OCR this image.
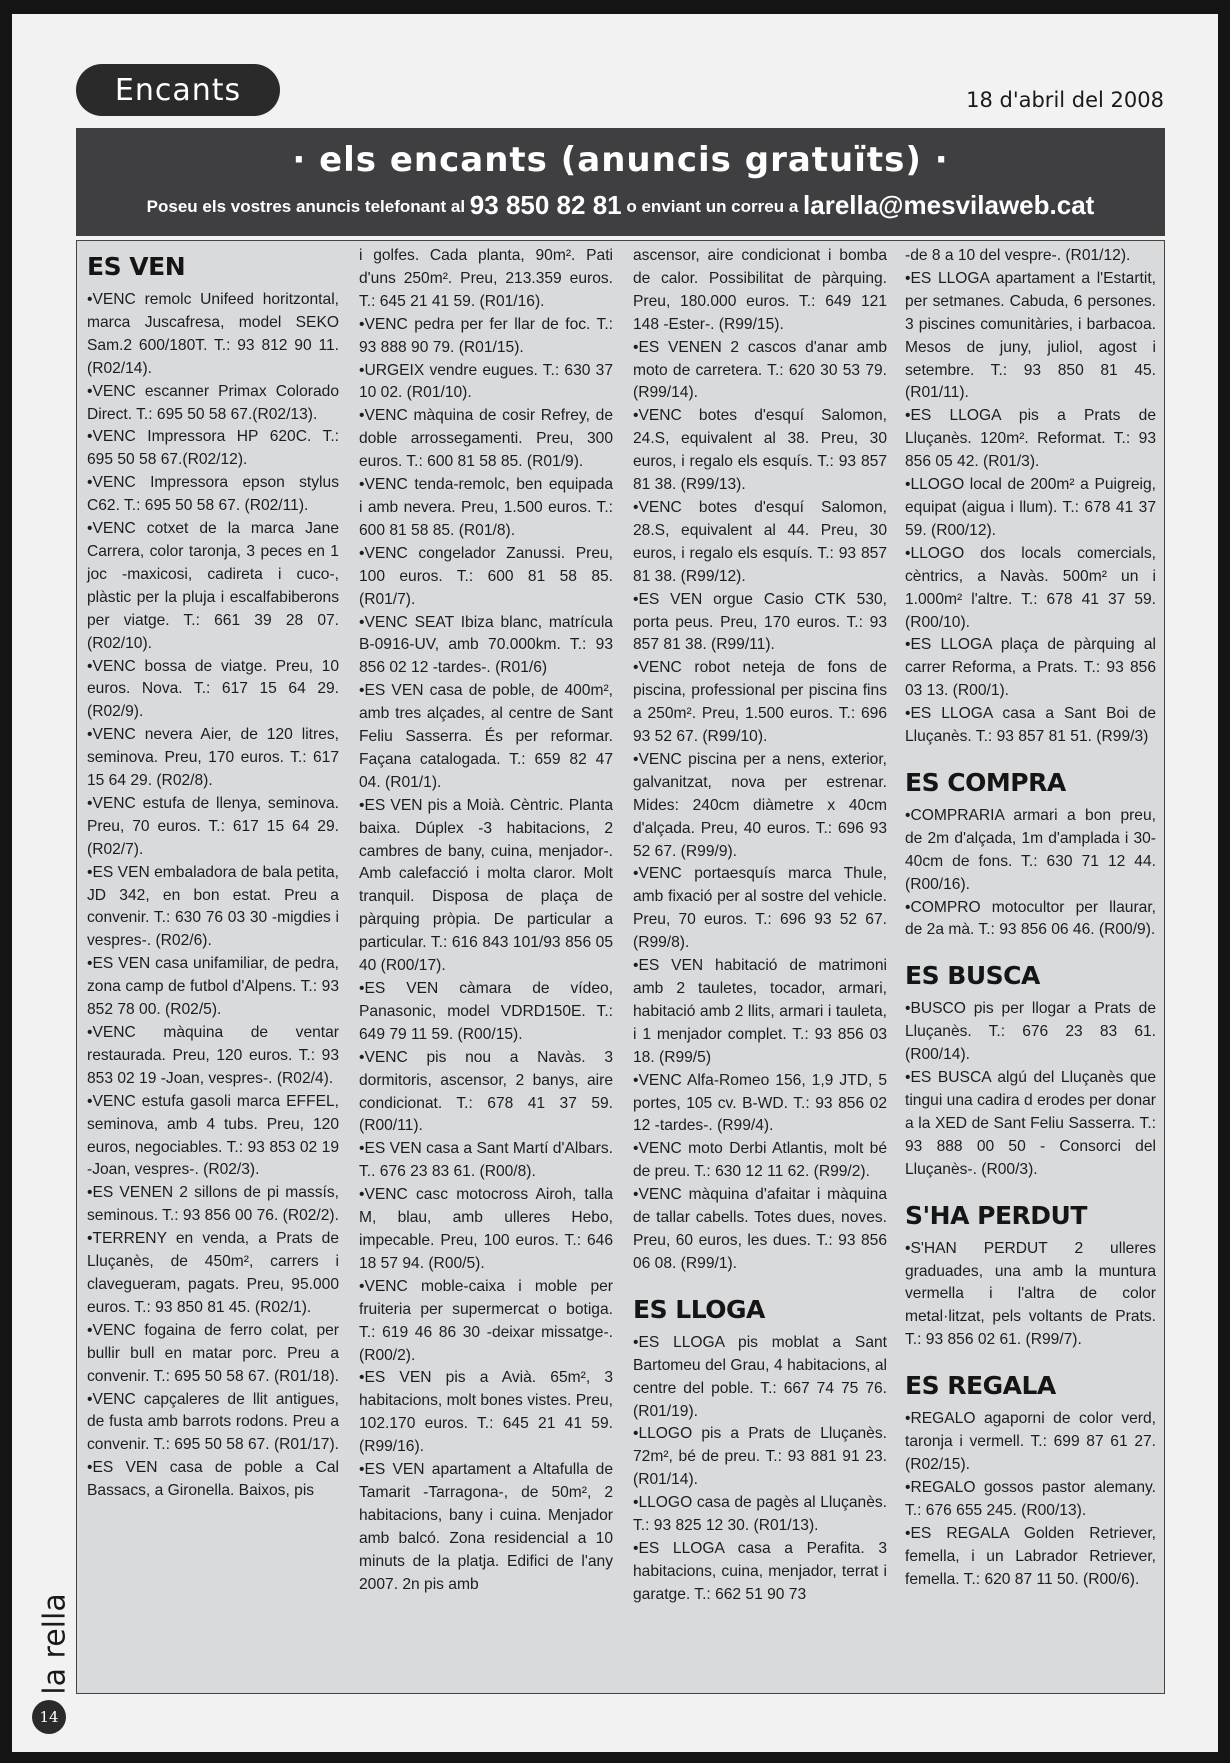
Encants	18 d'abril del 2008
· els encants (anuncis gratuïts) ·
Poseu els vostres anuncis telefonant al 93 850 82 81 o enviant un correu a larella@mesvilaweb.cat
ES VEN

•VENC remolc Unifeed horitzontal, marca Juscafresa, model SEKO Sam.2 600/180T. T.: 93 812 90 11. (R02/14).

•VENC escanner Primax Colorado Direct. T.: 695 50 58 67.(R02/13).

•VENC Impressora HP 620C. T.: 695 50 58 67.(R02/12).

•VENC Impressora epson stylus C62. T.: 695 50 58 67. (R02/11).

•VENC cotxet de la marca Jane Carrera, color taronja, 3 peces en 1 joc -maxicosi, cadireta i cuco-, plàstic per la pluja i escalfabiberons per viatge. T.: 661 39 28 07. (R02/10).

•VENC bossa de viatge. Preu, 10 euros. Nova. T.: 617 15 64 29. (R02/9).

•VENC nevera Aier, de 120 litres, seminova. Preu, 170 euros. T.: 617 15 64 29. (R02/8).

•VENC estufa de llenya, seminova. Preu, 70 euros. T.: 617 15 64 29. (R02/7).

•ES VEN embaladora de bala petita, JD 342, en bon estat. Preu a convenir. T.: 630 76 03 30 -migdies i vespres-. (R02/6).

•ES VEN casa unifamiliar, de pedra, zona camp de futbol d'Alpens. T.: 93 852 78 00. (R02/5).

•VENC màquina de ventar restaurada. Preu, 120 euros. T.: 93 853 02 19 -Joan, vespres-. (R02/4).

•VENC estufa gasoli marca EFFEL, seminova, amb 4 tubs. Preu, 120 euros, negociables. T.: 93 853 02 19 -Joan, vespres-. (R02/3).

•ES VENEN 2 sillons de pi massís, seminous. T.: 93 856 00 76. (R02/2).

•TERRENY en venda, a Prats de Lluçanès, de 450m², carrers i clavegueram, pagats. Preu, 95.000 euros. T.: 93 850 81 45. (R02/1).

•VENC fogaina de ferro colat, per bullir bull en matar porc. Preu a convenir. T.: 695 50 58 67. (R01/18).

•VENC capçaleres de llit antigues, de fusta amb barrots rodons. Preu a convenir. T.: 695 50 58 67. (R01/17).

•ES VEN casa de poble a Cal Bassacs, a Gironella. Baixos, pis

i golfes. Cada planta, 90m². Pati d'uns 250m². Preu, 213.359 euros. T.: 645 21 41 59. (R01/16).

•VENC pedra per fer llar de foc. T.: 93 888 90 79. (R01/15).

•URGEIX vendre eugues. T.: 630 37 10 02. (R01/10).

•VENC màquina de cosir Refrey, de doble arrossegamenti. Preu, 300 euros. T.: 600 81 58 85. (R01/9).

•VENC tenda-remolc, ben equipada i amb nevera. Preu, 1.500 euros. T.: 600 81 58 85. (R01/8).

•VENC congelador Zanussi. Preu, 100 euros. T.: 600 81 58 85. (R01/7).

•VENC SEAT Ibiza blanc, matrícula B-0916-UV, amb 70.000km. T.: 93 856 02 12 -tardes-. (R01/6)

•ES VEN casa de poble, de 400m², amb tres alçades, al centre de Sant Feliu Sasserra. És per reformar. Façana catalogada. T.: 659 82 47 04. (R01/1).

•ES VEN pis a Moià. Cèntric. Planta baixa. Dúplex -3 habitacions, 2 cambres de bany, cuina, menjador-. Amb calefacció i molta claror. Molt tranquil. Disposa de plaça de pàrquing pròpia. De particular a particular. T.: 616 843 101/93 856 05 40 (R00/17).

•ES VEN càmara de vídeo, Panasonic, model VDRD150E. T.: 649 79 11 59. (R00/15).

•VENC pis nou a Navàs. 3 dormitoris, ascensor, 2 banys, aire condicionat. T.: 678 41 37 59. (R00/11).

•ES VEN casa a Sant Martí d'Albars. T.. 676 23 83 61. (R00/8).

•VENC casc motocross Airoh, talla M, blau, amb ulleres Hebo, impecable. Preu, 100 euros. T.: 646 18 57 94. (R00/5).

•VENC moble-caixa i moble per fruiteria per supermercat o botiga. T.: 619 46 86 30 -deixar missatge-. (R00/2).

•ES VEN pis a Avià. 65m², 3 habitacions, molt bones vistes. Preu, 102.170 euros. T.: 645 21 41 59. (R99/16).

•ES VEN apartament a Altafulla de Tamarit -Tarragona-, de 50m², 2 habitacions, bany i cuina. Menjador amb balcó. Zona residencial a 10 minuts de la platja. Edifici de l'any 2007. 2n pis amb

ascensor, aire condicionat i bomba de calor. Possibilitat de pàrquing. Preu, 180.000 euros. T.: 649 121 148 -Ester-. (R99/15).

•ES VENEN 2 cascos d'anar amb moto de carretera. T.: 620 30 53 79. (R99/14).

•VENC botes d'esquí Salomon, 24.S, equivalent al 38. Preu, 30 euros, i regalo els esquís. T.: 93 857 81 38. (R99/13).

•VENC botes d'esquí Salomon, 28.S, equivalent al 44. Preu, 30 euros, i regalo els esquís. T.: 93 857 81 38. (R99/12).

•ES VEN orgue Casio CTK 530, porta peus. Preu, 170 euros. T.: 93 857 81 38. (R99/11).

•VENC robot neteja de fons de piscina, professional per piscina fins a 250m². Preu, 1.500 euros. T.: 696 93 52 67. (R99/10).

•VENC piscina per a nens, exterior, galvanitzat, nova per estrenar. Mides: 240cm diàmetre x 40cm d'alçada. Preu, 40 euros. T.: 696 93 52 67. (R99/9).

•VENC portaesquís marca Thule, amb fixació per al sostre del vehicle. Preu, 70 euros. T.: 696 93 52 67. (R99/8).

•ES VEN habitació de matrimoni amb 2 tauletes, tocador, armari, habitació amb 2 llits, armari i tauleta, i 1 menjador complet. T.: 93 856 03 18. (R99/5)

•VENC Alfa-Romeo 156, 1,9 JTD, 5 portes, 105 cv. B-WD. T.: 93 856 02 12 -tardes-. (R99/4).

•VENC moto Derbi Atlantis, molt bé de preu. T.: 630 12 11 62. (R99/2).

•VENC màquina d'afaitar i màquina de tallar cabells. Totes dues, noves. Preu, 60 euros, les dues. T.: 93 856 06 08. (R99/1).

ES LLOGA

•ES LLOGA pis moblat a Sant Bartomeu del Grau, 4 habitacions, al centre del poble. T.: 667 74 75 76. (R01/19).

•LLOGO pis a Prats de Lluçanès. 72m², bé de preu. T.: 93 881 91 23. (R01/14).

•LLOGO casa de pagès al Lluçanès. T.: 93 825 12 30. (R01/13).

•ES LLOGA casa a Perafita. 3 habitacions, cuina, menjador, terrat i garatge. T.: 662 51 90 73

-de 8 a 10 del vespre-. (R01/12).

•ES LLOGA apartament a l'Estartit, per setmanes. Cabuda, 6 persones. 3 piscines comunitàries, i barbacoa. Mesos de juny, juliol, agost i setembre. T.: 93 850 81 45. (R01/11).

•ES LLOGA pis a Prats de Lluçanès. 120m². Reformat. T.: 93 856 05 42. (R01/3).

•LLOGO local de 200m² a Puigreig, equipat (aigua i llum). T.: 678 41 37 59. (R00/12).

•LLOGO dos locals comercials, cèntrics, a Navàs. 500m² un i 1.000m² l'altre. T.: 678 41 37 59. (R00/10).

•ES LLOGA plaça de pàrquing al carrer Reforma, a Prats. T.: 93 856 03 13. (R00/1).

•ES LLOGA casa a Sant Boi de Lluçanès. T.: 93 857 81 51. (R99/3)

ES COMPRA

•COMPRARIA armari a bon preu, de 2m d'alçada, 1m d'amplada i 30-40cm de fons. T.: 630 71 12 44. (R00/16).

•COMPRO motocultor per llaurar, de 2a mà. T.: 93 856 06 46. (R00/9).

ES BUSCA

•BUSCO pis per llogar a Prats de Lluçanès. T.: 676 23 83 61. (R00/14).

•ES BUSCA algú del Lluçanès que tingui una cadira d erodes per donar a la XED de Sant Feliu Sasserra. T.: 93 888 00 50 - Consorci del Lluçanès-. (R00/3).

S'HA PERDUT

•S'HAN PERDUT 2 ulleres graduades, una amb la muntura vermella i l'altra de color metal·litzat, pels voltants de Prats. T.: 93 856 02 61. (R99/7).

ES REGALA

•REGALO agaporni de color verd, taronja i vermell. T.: 699 87 61 27. (R02/15).

•REGALO gossos pastor alemany. T.: 676 655 245. (R00/13).

•ES REGALA Golden Retriever, femella, i un Labrador Retriever, femella. T.: 620 87 11 50. (R00/6).

la rella
14
